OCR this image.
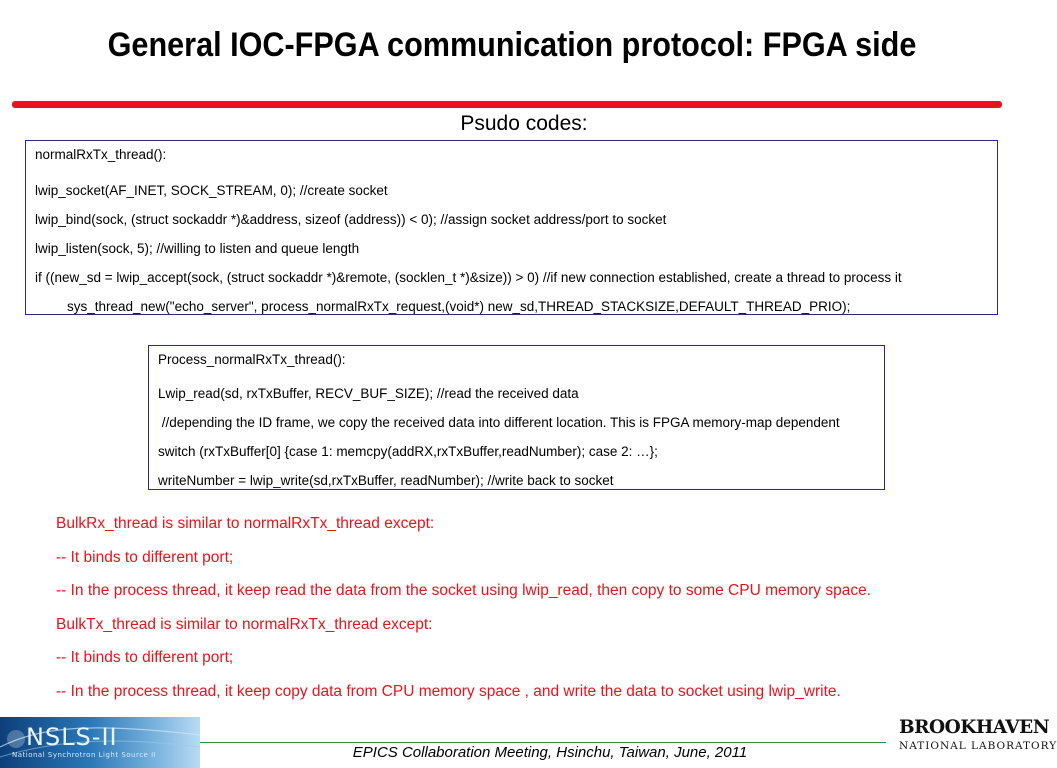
General IOC-FPGA communication protocol: FPGA side
Psudo codes:
normalRxTx_thread():
lwip_socket(AF_INET, SOCK_STREAM, 0); //create socket
lwip_bind(sock, (struct sockaddr *)&address, sizeof (address)) < 0); //assign socket address/port to socket
lwip_listen(sock, 5); //willing to listen and queue length
if ((new_sd = lwip_accept(sock, (struct sockaddr *)&remote, (socklen_t *)&size)) > 0) //if new connection established, create a thread to process it
sys_thread_new("echo_server", process_normalRxTx_request,(void*) new_sd,THREAD_STACKSIZE,DEFAULT_THREAD_PRIO);
Process_normalRxTx_thread():
Lwip_read(sd, rxTxBuffer, RECV_BUF_SIZE); //read the received data
//depending the ID frame, we copy the received data into different location. This is FPGA memory-map dependent
switch (rxTxBuffer[0] {case 1: memcpy(addRX,rxTxBuffer,readNumber); case 2: …};
writeNumber = lwip_write(sd,rxTxBuffer, readNumber); //write back to socket
BulkRx_thread is similar to normalRxTx_thread except:
-- It binds to different port;
-- In the process thread, it keep read the data from the socket using lwip_read, then copy to some CPU memory space.
BulkTx_thread is similar to normalRxTx_thread except:
-- It binds to different port;
-- In the process thread, it keep copy data from CPU memory space , and write the data to socket using lwip_write.
NSLS-II
National Synchrotron Light Source II	EPICS Collaboration Meeting, Hsinchu, Taiwan, June, 2011
BROOKHAVEN
NATIONAL LABORATORY
